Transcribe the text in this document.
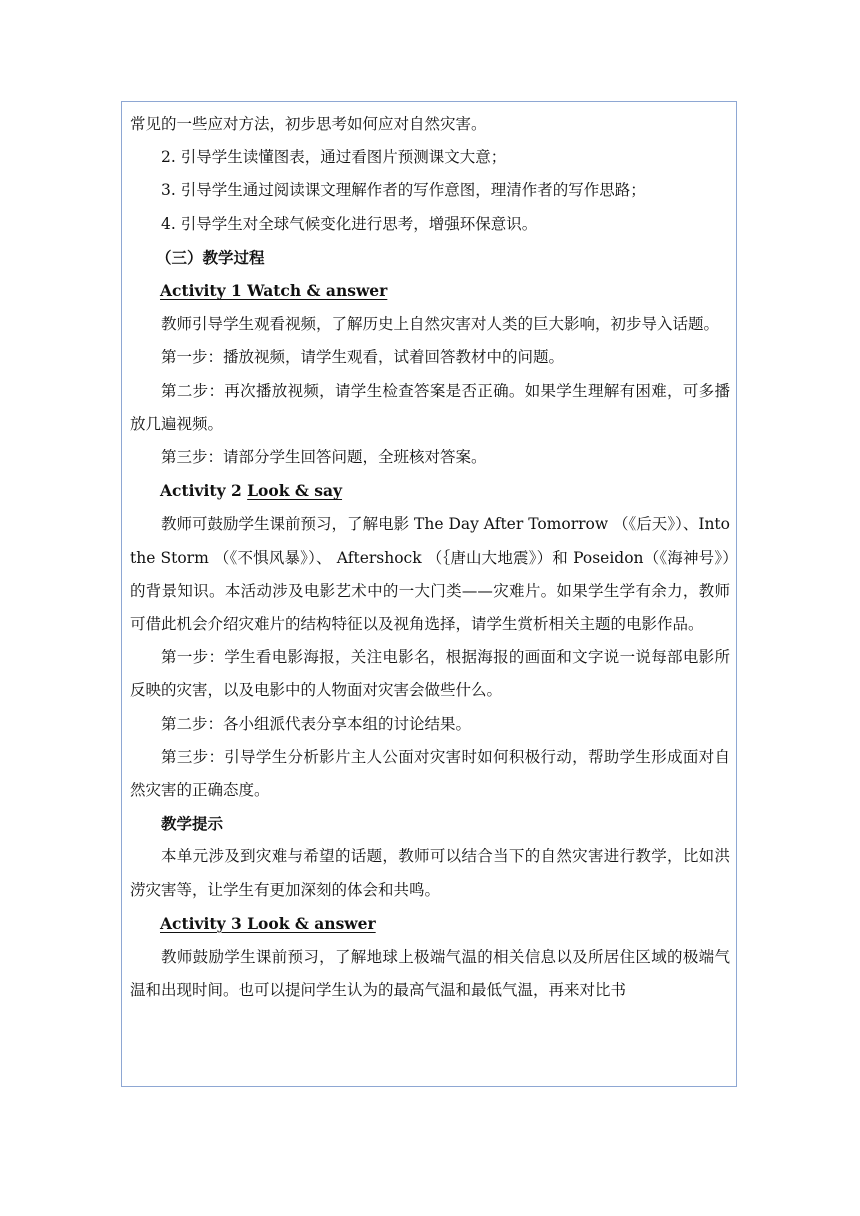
常见的一些应对方法，初步思考如何应对自然灾害。

2. 引导学生读懂图表，通过看图片预测课文大意；

3. 引导学生通过阅读课文理解作者的写作意图，理清作者的写作思路；

4. 引导学生对全球气候变化进行思考，增强环保意识。

（三）教学过程

Activity 1 Watch & answer

教师引导学生观看视频，了解历史上自然灾害对人类的巨大影响，初步导入话题。

第一步：播放视频，请学生观看，试着回答教材中的问题。

第二步：再次播放视频，请学生检查答案是否正确。如果学生理解有困难，可多播放几遍视频。

第三步：请部分学生回答问题，全班核对答案。

Activity 2 Look & say

教师可鼓励学生课前预习，了解电影 The Day After Tomorrow （《后天》）、Into the Storm （《不惧风暴》）、 Aftershock （｛唐山大地震》）和 Poseidon（《海神号》）的背景知识。本活动涉及电影艺术中的一大门类——灾难片。如果学生学有余力，教师可借此机会介绍灾难片的结构特征以及视角选择，请学生赏析相关主题的电影作品。

第一步：学生看电影海报，关注电影名，根据海报的画面和文字说一说每部电影所反映的灾害，以及电影中的人物面对灾害会做些什么。

第二步：各小组派代表分享本组的讨论结果。

第三步：引导学生分析影片主人公面对灾害时如何积极行动，帮助学生形成面对自然灾害的正确态度。

教学提示

本单元涉及到灾难与希望的话题，教师可以结合当下的自然灾害进行教学，比如洪涝灾害等，让学生有更加深刻的体会和共鸣。

Activity 3 Look & answer

教师鼓励学生课前预习，了解地球上极端气温的相关信息以及所居住区域的极端气温和出现时间。也可以提问学生认为的最高气温和最低气温，再来对比书
